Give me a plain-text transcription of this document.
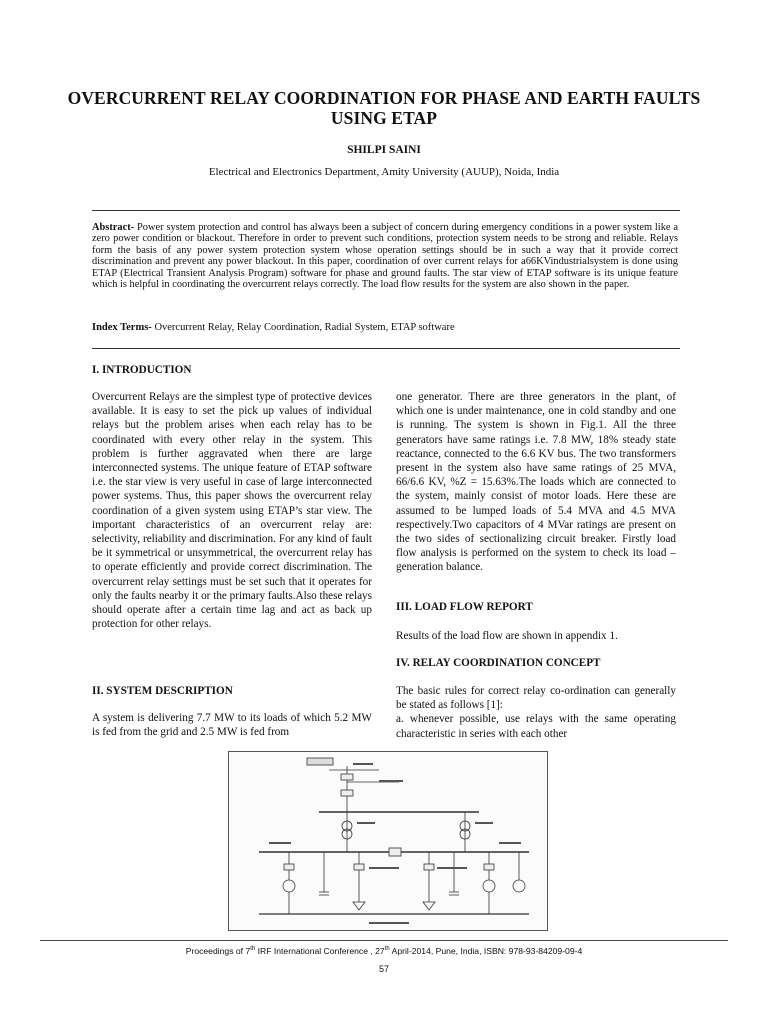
OVERCURRENT RELAY COORDINATION FOR PHASE AND EARTH FAULTS USING ETAP
SHILPI SAINI
Electrical and Electronics Department, Amity University (AUUP), Noida, India
Abstract- Power system protection and control has always been a subject of concern during emergency conditions in a power system like a zero power condition or blackout. Therefore in order to prevent such conditions, protection system needs to be strong and reliable. Relays form the basis of any power system protection system whose operation settings should be in such a way that it provide correct discrimination and prevent any power blackout. In this paper, coordination of over current relays for a66KVindustrialsystem is done using ETAP (Electrical Transient Analysis Program) software for phase and ground faults. The star view of ETAP software is its unique feature which is helpful in coordinating the overcurrent relays correctly. The load flow results for the system are also shown in the paper.
Index Terms- Overcurrent Relay, Relay Coordination, Radial System, ETAP software
I. INTRODUCTION

Overcurrent Relays are the simplest type of protective devices available. It is easy to set the pick up values of individual relays but the problem arises when each relay has to be coordinated with every other relay in the system. This problem is further aggravated when there are large interconnected systems. The unique feature of ETAP software i.e. the star view is very useful in case of large interconnected power systems. Thus, this paper shows the overcurrent relay coordination of a given system using ETAP’s star view. The important characteristics of an overcurrent relay are: selectivity, reliability and discrimination. For any kind of fault be it symmetrical or unsymmetrical, the overcurrent relay has to operate efficiently and provide correct discrimination. The overcurrent relay settings must be set such that it operates for only the faults nearby it or the primary faults.Also these relays should operate after a certain time lag and act as back up protection for other relays.

II. SYSTEM DESCRIPTION

A system is delivering 7.7 MW to its loads of which 5.2 MW is fed from the grid and 2.5 MW is fed from

one generator. There are three generators in the plant, of which one is under maintenance, one in cold standby and one is running. The system is shown in Fig.1. All the three generators have same ratings i.e. 7.8 MW, 18% steady state reactance, connected to the 6.6 KV bus. The two transformers present in the system also have same ratings of 25 MVA, 66/6.6 KV, %Z = 15.63%.The loads which are connected to the system, mainly consist of motor loads. Here these are assumed to be lumped loads of 5.4 MVA and 4.5 MVA respectively.Two capacitors of 4 MVar ratings are present on the two sides of sectionalizing circuit breaker. Firstly load flow analysis is performed on the system to check its load – generation balance.

III. LOAD FLOW REPORT

Results of the load flow are shown in appendix 1.

IV. RELAY COORDINATION CONCEPT

The basic rules for correct relay co-ordination can generally be stated as follows [1]:

a. whenever possible, use relays with the same operating characteristic in series with each other

Proceedings of 7th IRF International Conference , 27th April-2014, Pune, India, ISBN: 978-93-84209-09-4
57
